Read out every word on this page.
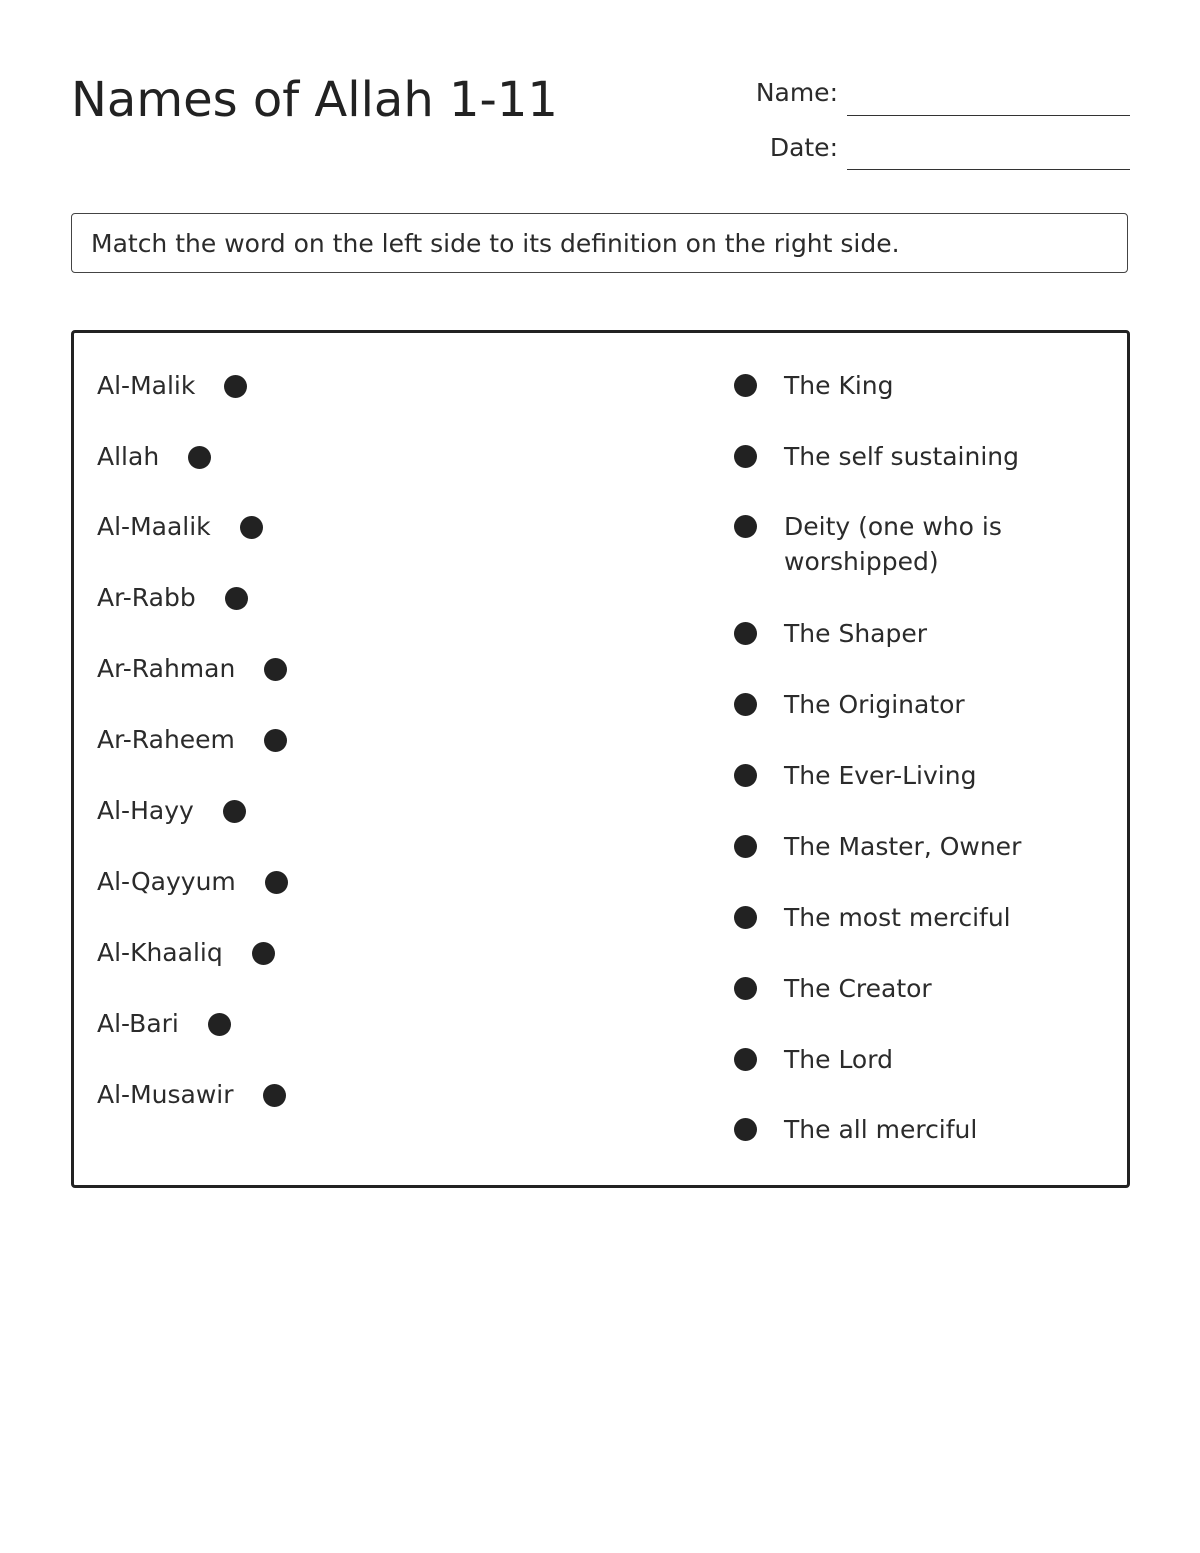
Names of Allah 1-11	Name:
Date:
Match the word on the left side to its definition on the right side.
Al-Malik
Allah
Al-Maalik
Ar-Rabb
Ar-Rahman
Ar-Raheem
Al-Hayy
Al-Qayyum
Al-Khaaliq
Al-Bari
Al-Musawir
The King
The self sustaining
Deity (one who is worshipped)
The Shaper
The Originator
The Ever-Living
The Master, Owner
The most merciful
The Creator
The Lord
The all merciful
